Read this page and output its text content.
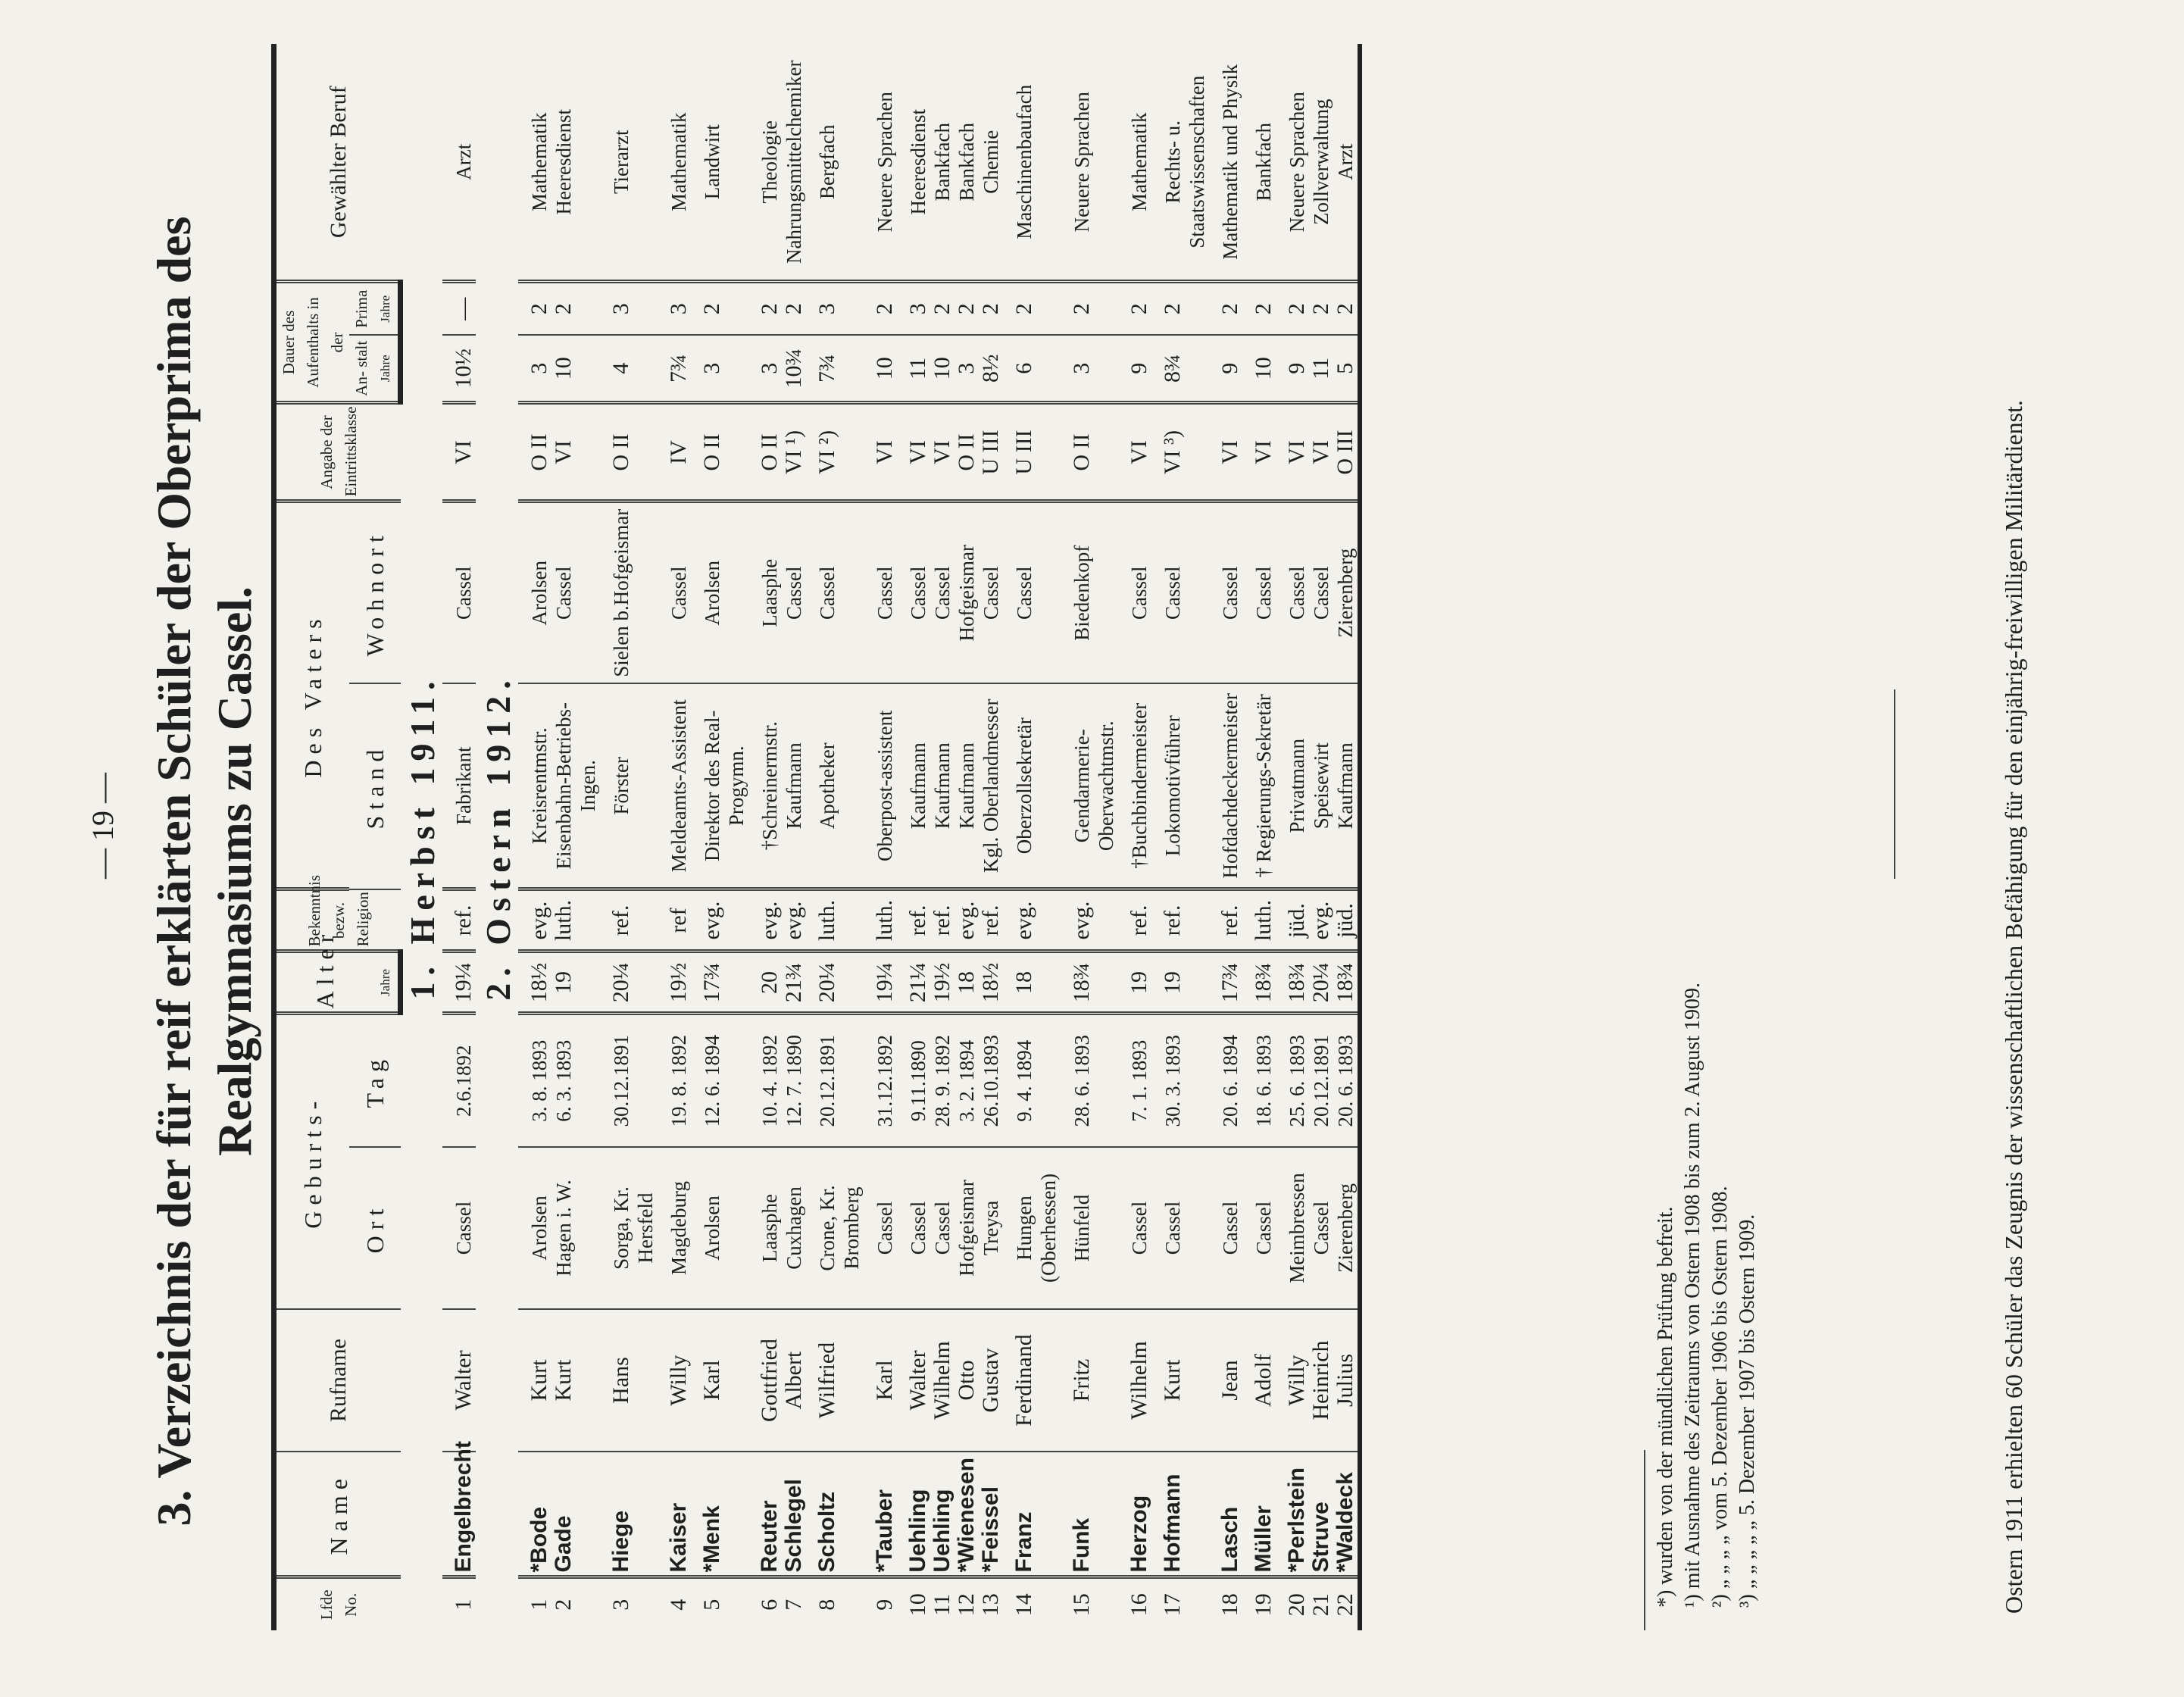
— 19 — 3. Verzeichnis der für reif erklärten Schüler der Oberprima des Realgymnasiums zu Cassel.
Lfde No.	Name	Rufname	Geburts-		Alter	Bekenntnis bezw. Religion	Des Vaters		Angabe der Eintrittsklasse	Dauer des Aufenthalts in der		Gewählter Beruf
			Ort	Tag			Stand	Wohnort		An- stalt	Prima	
					Jahre					Jahre	Jahre	
1. Herbst 1911.												
1	Engelbrecht	Walter	Cassel	2.6.1892	19¼	ref.	Fabrikant	Cassel	VI	10½	—	Arzt
2. Ostern 1912.												
1	*Bode	Kurt	Arolsen	3. 8. 1893	18½	evg.	Kreisrentmstr.	Arolsen	O II	3	2	Mathematik
2	Gade	Kurt	Hagen i. W.	6. 3. 1893	19	luth.	Eisenbahn-Betriebs-Ingen.	Cassel	VI	10	2	Heeresdienst
3	Hiege	Hans	Sorga, Kr. Hersfeld	30.12.1891	20¼	ref.	Förster	Sielen b.Hofgeismar	O II	4	3	Tierarzt
4	Kaiser	Willy	Magdeburg	19. 8. 1892	19½	ref	Meldeamts-Assistent	Cassel	IV	7¾	3	Mathematik
5	*Menk	Karl	Arolsen	12. 6. 1894	17¾	evg.	Direktor des Real-Progymn.	Arolsen	O II	3	2	Landwirt
6	Reuter	Gottfried	Laasphe	10. 4. 1892	20	evg.	†Schreinermstr.	Laasphe	O II	3	2	Theologie
7	Schlegel	Albert	Cuxhagen	12. 7. 1890	21¾	evg.	Kaufmann	Cassel	VI ¹)	10¾	2	Nahrungsmittelchemiker
8	Scholtz	Wilfried	Crone, Kr. Bromberg	20.12.1891	20¼	luth.	Apotheker	Cassel	VI ²)	7¾	3	Bergfach
9	*Tauber	Karl	Cassel	31.12.1892	19¼	luth.	Oberpost-assistent	Cassel	VI	10	2	Neuere Sprachen
10	Uehling	Walter	Cassel	9.11.1890	21¼	ref.	Kaufmann	Cassel	VI	11	3	Heeresdienst
11	Uehling	Wilhelm	Cassel	28. 9. 1892	19½	ref.	Kaufmann	Cassel	VI	10	2	Bankfach
12	*Wienesen	Otto	Hofgeismar	3. 2. 1894	18	evg.	Kaufmann	Hofgeismar	O II	3	2	Bankfach
13	*Feissel	Gustav	Treysa	26.10.1893	18½	ref.	Kgl. Oberlandmesser	Cassel	U III	8½	2	Chemie
14	Franz	Ferdinand	Hungen (Oberhessen)	9. 4. 1894	18	evg.	Oberzollsekretär	Cassel	U III	6	2	Maschinenbaufach
15	Funk	Fritz	Hünfeld	28. 6. 1893	18¾	evg.	Gendarmerie-Oberwachtmstr.	Biedenkopf	O II	3	2	Neuere Sprachen
16	Herzog	Wilhelm	Cassel	7. 1. 1893	19	ref.	†Buchbindermeister	Cassel	VI	9	2	Mathematik
17	Hofmann	Kurt	Cassel	30. 3. 1893	19	ref.	Lokomotivführer	Cassel	VI ³)	8¾	2	Rechts- u. Staatswissenschaften
18	Lasch	Jean	Cassel	20. 6. 1894	17¾	ref.	Hofdachdeckermeister	Cassel	VI	9	2	Mathematik und Physik
19	Müller	Adolf	Cassel	18. 6. 1893	18¾	luth.	† Regierungs-Sekretär	Cassel	VI	10	2	Bankfach
20	*Perlstein	Willy	Meimbressen	25. 6. 1893	18¾	jüd.	Privatmann	Cassel	VI	9	2	Neuere Sprachen
21	Struve	Heinrich	Cassel	20.12.1891	20¼	evg.	Speisewirt	Cassel	VI	11	2	Zollverwaltung
22	*Waldeck	Julius	Zierenberg	20. 6. 1893	18¾	jüd.	Kaufmann	Zierenberg	O III	5	2	Arzt
*) wurden von der mündlichen Prüfung befreit. ¹) mit Ausnahme des Zeitraums von Ostern 1908 bis zum 2. August 1909. ²) „ „ „ „ vom 5. Dezember 1906 bis Ostern 1908. ³) „ „ „ „ „ 5. Dezember 1907 bis Ostern 1909.	Ostern 1911 erhielten 60 Schüler das Zeugnis der wissenschaftlichen Befähigung für den einjährig-freiwilligen Militärdienst.
